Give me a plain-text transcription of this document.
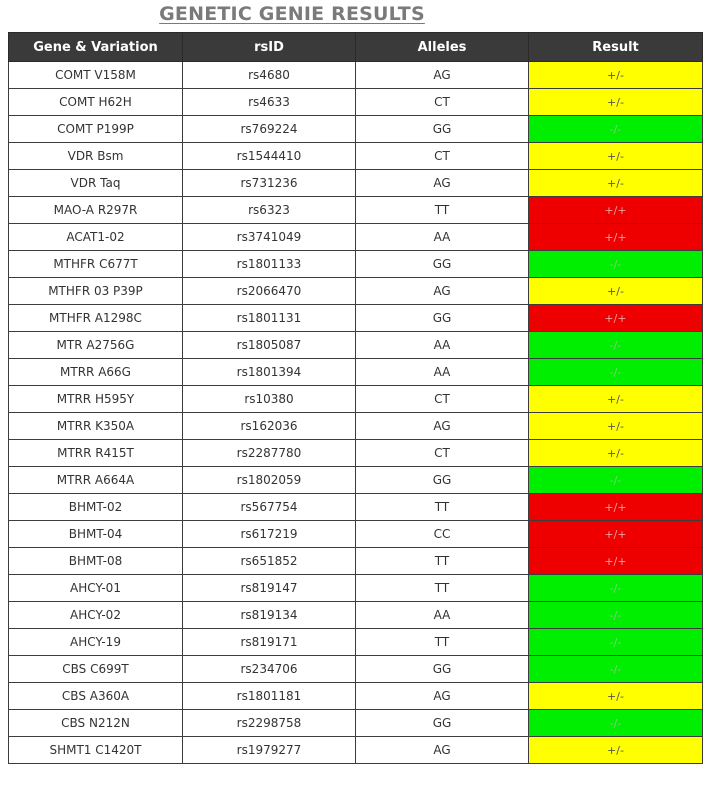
GENETIC GENIE RESULTS
Gene & Variation	rsID	Alleles	Result
COMT V158M	rs4680	AG	+/-
COMT H62H	rs4633	CT	+/-
COMT P199P	rs769224	GG	-/-
VDR Bsm	rs1544410	CT	+/-
VDR Taq	rs731236	AG	+/-
MAO-A R297R	rs6323	TT	+/+
ACAT1-02	rs3741049	AA	+/+
MTHFR C677T	rs1801133	GG	-/-
MTHFR 03 P39P	rs2066470	AG	+/-
MTHFR A1298C	rs1801131	GG	+/+
MTR A2756G	rs1805087	AA	-/-
MTRR A66G	rs1801394	AA	-/-
MTRR H595Y	rs10380	CT	+/-
MTRR K350A	rs162036	AG	+/-
MTRR R415T	rs2287780	CT	+/-
MTRR A664A	rs1802059	GG	-/-
BHMT-02	rs567754	TT	+/+
BHMT-04	rs617219	CC	+/+
BHMT-08	rs651852	TT	+/+
AHCY-01	rs819147	TT	-/-
AHCY-02	rs819134	AA	-/-
AHCY-19	rs819171	TT	-/-
CBS C699T	rs234706	GG	-/-
CBS A360A	rs1801181	AG	+/-
CBS N212N	rs2298758	GG	-/-
SHMT1 C1420T	rs1979277	AG	+/-
